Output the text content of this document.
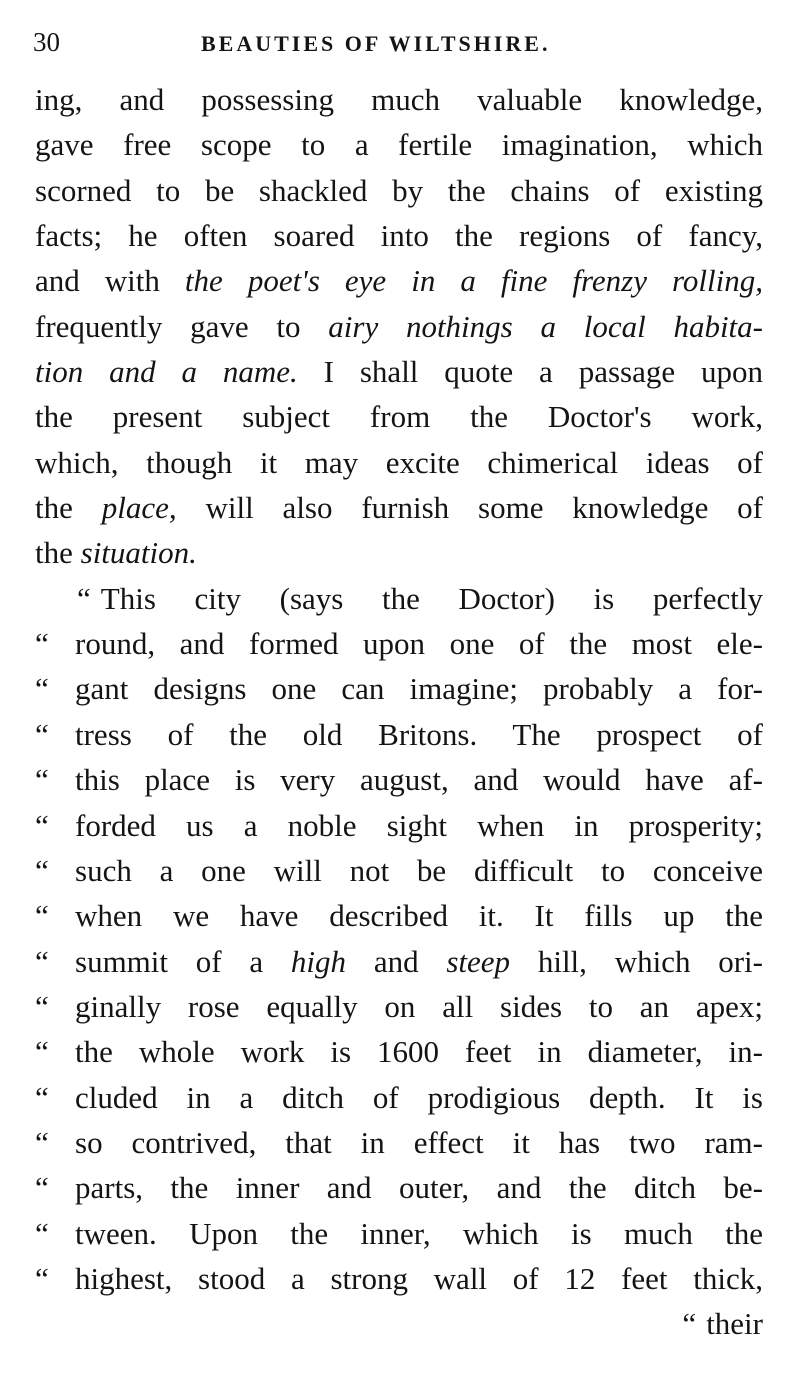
30	BEAUTIES OF WILTSHIRE.
ing, and possessing much valuable knowledge,
gave free scope to a fertile imagination, which
scorned to be shackled by the chains of existing
facts; he often soared into the regions of fancy,
and with the poet's eye in a fine frenzy rolling,
frequently gave to airy nothings a local habita-
tion and a name. I shall quote a passage upon
the present subject from the Doctor's work,
which, though it may excite chimerical ideas of
the place, will also furnish some knowledge of
the situation.
“ This city (says the Doctor) is perfectly
“ round, and formed upon one of the most ele-
“ gant designs one can imagine; probably a for-
“ tress of the old Britons. The prospect of
“ this place is very august, and would have af-
“ forded us a noble sight when in prosperity;
“ such a one will not be difficult to conceive
“ when we have described it. It fills up the
“ summit of a high and steep hill, which ori-
“ ginally rose equally on all sides to an apex;
“ the whole work is 1600 feet in diameter, in-
“ cluded in a ditch of prodigious depth. It is
“ so contrived, that in effect it has two ram-
“ parts, the inner and outer, and the ditch be-
“ tween. Upon the inner, which is much the
“ highest, stood a strong wall of 12 feet thick,
“ their
